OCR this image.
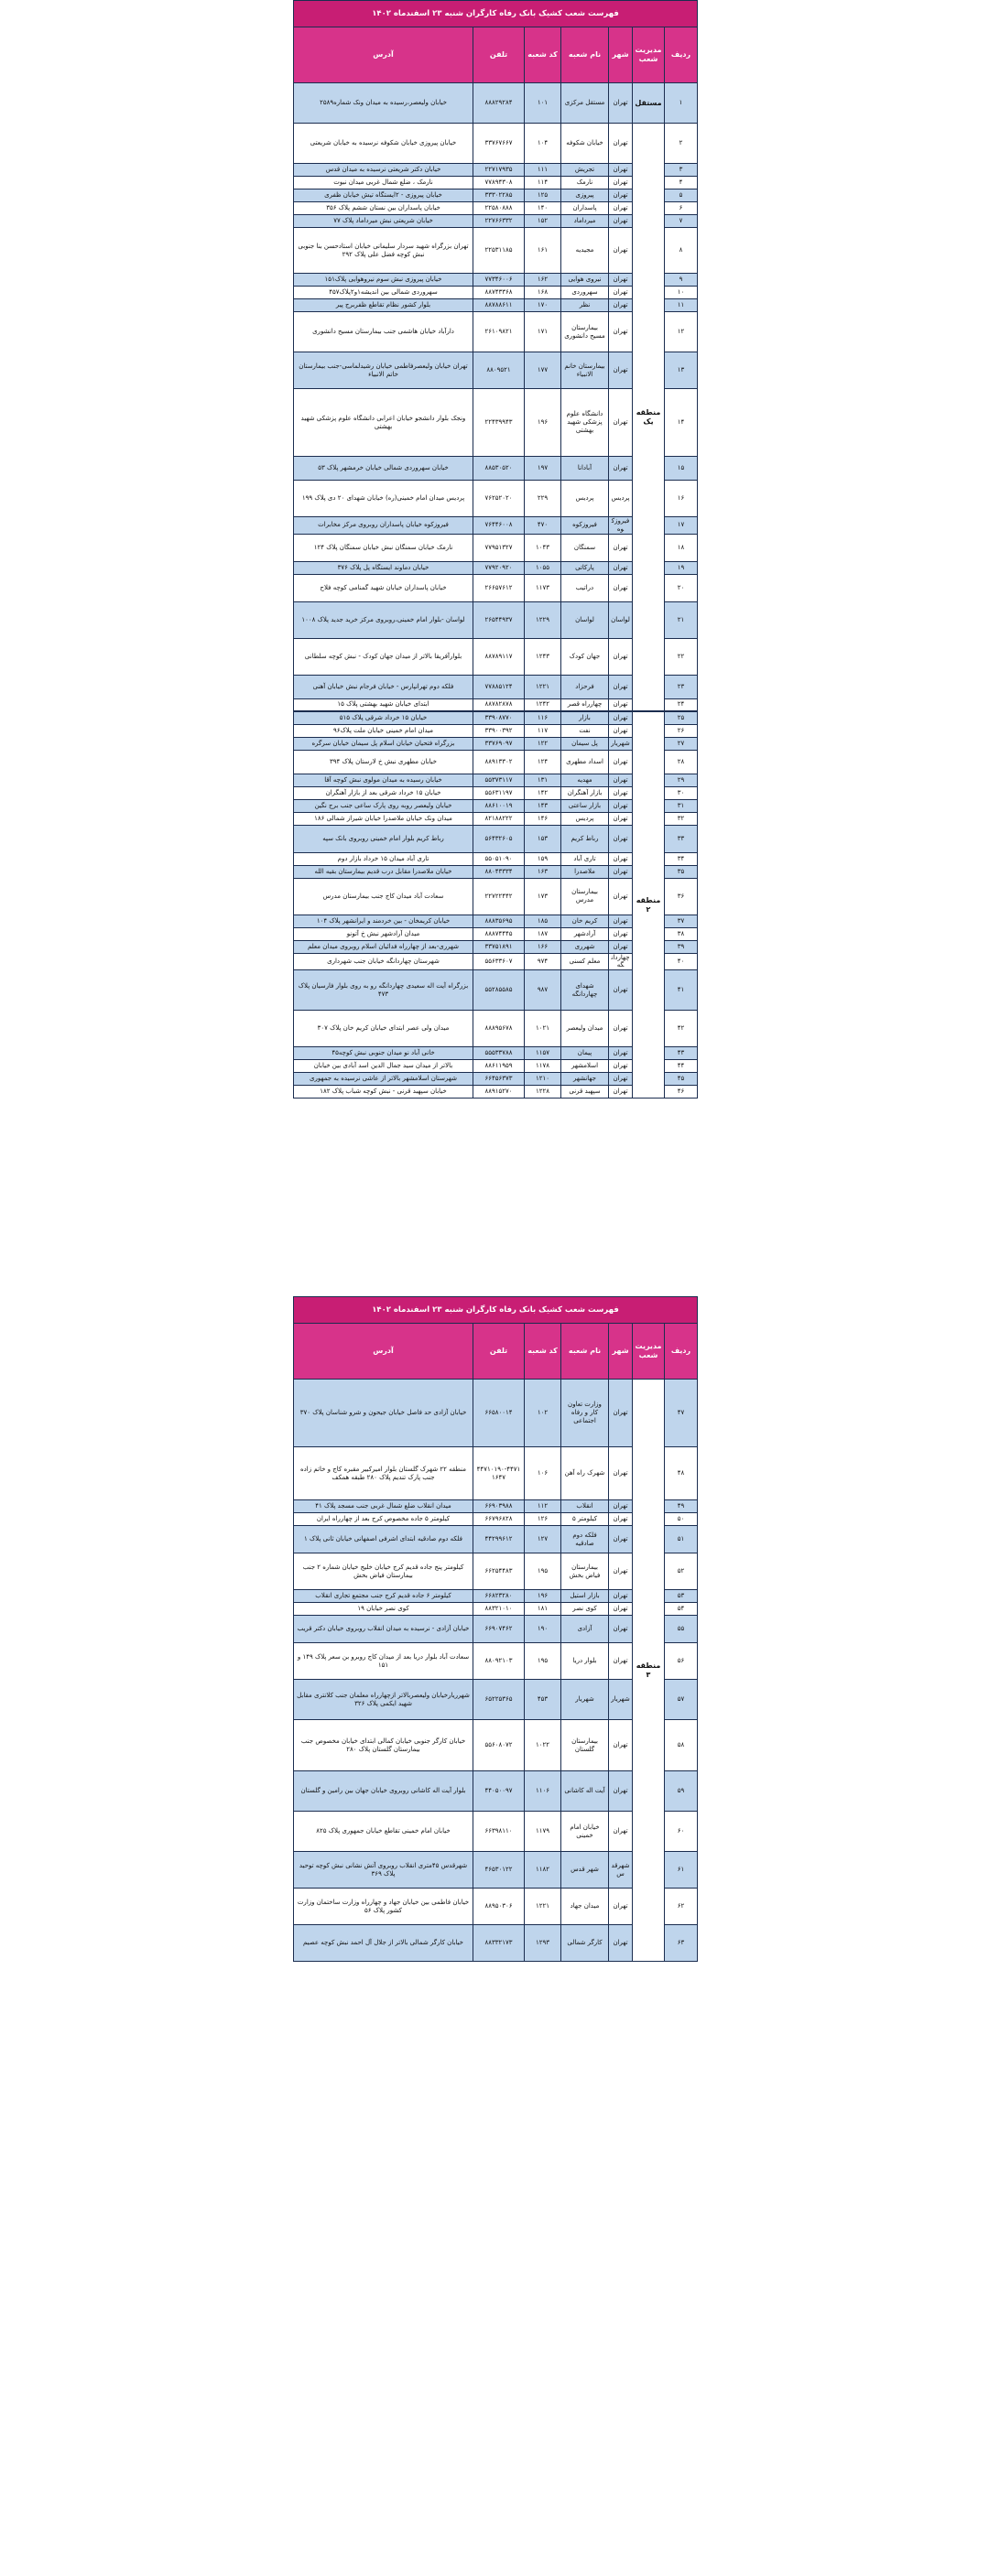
فهرست شعب کشیک بانک رفاه کارگران شنبه ۲۳ اسفندماه ۱۴۰۲						
ردیف	مدیریت شعب	شهر	نام شعبه	کد شعبه	تلفن	آدرس
۱	مستقل	تهران	مستقل مرکزی	۱۰۱	۸۸۸۲۹۲۸۴	خیابان ولیعصر،رسیده به میدان ونک شماره۲۵۸۹
۲	منطقه یک	تهران	خیابان شکوفه	۱۰۴	۳۳۷۶۷۶۶۷	خیابان پیروزی خیابان شکوفه نرسیده به خیابان شریعتی
۳		تهران	تجریش	۱۱۱	۲۲۷۱۷۹۳۵	خیابان دکتر شریعتی نرسیده به میدان قدس
۴		تهران	نارمک	۱۱۴	۷۷۸۹۴۳۰۸	نارمک ، ضلع شمال غربی میدان نبوت
۵		تهران	پیروزی	۱۲۵	۳۳۳۰۲۲۸۵	خیابان پیروزی - ۲ایستگاه تیش خیابان ظفری
۶		تهران	پاسداران	۱۴۰	۲۲۵۸۰۸۸۸	خیابان پاسداران بین نستان ششم پلاک ۳۵۶
۷		تهران	میرداماد	۱۵۲	۲۲۷۶۶۳۳۲	خیابان شریعتی نبش میرداماد پلاک ۷۷
۸		تهران	مجیدیه	۱۶۱	۲۲۵۳۱۱۸۵	تهران بزرگراه شهید سردار سلیمانی خیابان استادحسن بنا جنوبی نبش کوچه فضل علی پلاک ۲۹۲
۹		تهران	نیروی هوایی	۱۶۲	۷۷۳۴۶۰۰۶	خیابان پیروزی نبش سوم نیروهوایی پلاک۱۵۱
۱۰		تهران	سهروردی	۱۶۸	۸۸۷۴۳۳۶۸	سهروردی شمالی بین اندیشه۱و۲پلاک۴۵۷
۱۱		تهران	نظر	۱۷۰	۸۸۷۸۸۶۱۱	بلوار کشور نظام تقاطع ظفربرج پیر
۱۲		تهران	بیمارستان مسیح دانشوری	۱۷۱	۲۶۱۰۹۸۲۱	دارآباد خیابان هاشمی جنب بیمارستان مسیح دانشوری
۱۳		تهران	بیمارستان خانم الانبیاء	۱۷۷	۸۸۰۹۵۲۱	تهران خیابان ولیعصرفاطمی خیابان رشیدلماسی-جنب بیمارستان خاتم الانبیاء
۱۴		تهران	دانشگاه علوم پزشکی شهید بهشتی	۱۹۶	۲۲۴۳۹۹۴۳	ونجک بلوار دانشجو خیابان اعرابی دانشگاه علوم پزشکی شهید بهشتی
۱۵		تهران	آبادانا	۱۹۷	۸۸۵۳۰۵۲۰	خیابان سهروردی شمالی خیابان خرمشهر پلاک ۵۳
۱۶		پرديس	پرديس	۲۲۹	۷۶۲۵۲۰۲۰	پردیس میدان امام خمینی(ره) خیابان شهدای ۲۰ دی پلاک ۱۹۹
۱۷		فیروزکوه	فیروزکوه	۴۷۰	۷۶۴۴۶۰۰۸	فیروزکوه خیابان پاسداران روبروی مرکز مخابرات
۱۸		تهران	سمنگان	۱۰۴۳	۷۷۹۵۱۳۲۷	نارمک خیابان سمنگان نبش خیابان سمنگان پلاک ۱۲۴
۱۹		تهران	پارکاتی	۱۰۵۵	۷۷۹۲۰۹۲۰	خیابان دماوند ایستگاه پل پلاک ۳۷۶
۲۰		تهران	دراتیب	۱۱۷۳	۲۶۶۵۷۶۱۲	خیابان پاسداران خیابان شهید گمنامی کوچه فلاح
۲۱		لواسان	لواسان	۱۲۲۹	۲۶۵۴۴۹۳۷	لواسان -بلوار امام خمینی،روبروی مرکز خرید جدید پلاک ۱۰۰۸
۲۲		تهران	جهان کودک	۱۲۴۳	۸۸۷۸۹۱۱۷	بلوارآفریقا بالاتر از میدان جهان کودک - نبش کوچه سلطانی
۲۳		تهران	فرحزاد	۱۲۲۱	۷۷۸۸۵۱۲۴	فلکه دوم تهرانپارس - خیابان فرجام نبش خیابان آهنی
۲۴		تهران	چهارراه قصر	۱۲۴۲	۸۸۷۸۲۸۷۸	ابتدای خیابان شهید بهشتی پلاک ۱۵
۲۵	منطقه ۲	تهران	بازار	۱۱۶	۳۳۹۰۸۷۷۰	خیابان ۱۵ خرداد شرقی پلاک ۵۱۵
۲۶		تهران	نفت	۱۱۷	۳۳۹۰۰۳۹۲	میدان امام خمینی خیابان ملت پلاک۹۶
۲۷		شهریار	پل سیمان	۱۲۲	۳۳۷۶۹۰۹۷	بزرگراه فتحیان خیابان اسلام پل سیمان خیابان سرگره
۲۸		تهران	اسداد مطهری	۱۲۴	۸۸۹۱۳۳۰۲	خیابان مطهری نبش خ لارستان پلاک ۳۹۴
۲۹		تهران	مهدیه	۱۳۱	۵۵۳۷۳۱۱۷	خیابان رسیده به میدان مولوی نبش کوچه آقا
۳۰		تهران	بازار آهنگران	۱۴۲	۵۵۶۳۱۱۹۷	خیابان ۱۵ خرداد شرقی بعد از بازار آهنگران
۳۱		تهران	بازار ساعتی	۱۴۳	۸۸۶۱۰۰۱۹	خیابان ولیعصر روبه روی پارک ساعی جنب برج نگین
۳۲		تهران	پردیس	۱۴۶	۸۲۱۸۸۲۲۲	میدان ونک خیابان ملاصدرا خیابان شیراز شمالی ۱۸۶
۳۳		تهران	رباط کریم	۱۵۳	۵۶۴۳۲۶۰۵	رباط کریم بلوار امام خمینی روبروی بانک سپه
۳۴		تهران	تاری آباد	۱۵۹	۵۵۰۵۱۰۹۰	تاری آباد میدان ۱۵ خرداد بازار دوم
۳۵		تهران	ملاصدرا	۱۶۳	۸۸۰۴۳۳۳۴	خیابان ملاصدرا مقابل درب قدیم بیمارستان بقیه الله
۳۶		تهران	بیمارستان مدرس	۱۷۳	۲۲۷۲۲۴۴۲	سعادت آباد میدان کاج جنب بیمارستان مدرس
۳۷		تهران	کریم خان	۱۸۵	۸۸۸۳۵۶۹۵	خیابان کریمخان - بین خردمند و ایرانشهر پلاک ۱۰۴
۳۸		تهران	آرادشهر	۱۸۷	۸۸۸۷۴۴۴۵	میدان آرادشهر نبش خ آتونو
۳۹		تهران	شهرری	۱۶۶	۳۳۷۵۱۸۹۱	شهرری-بعد از چهارراه فدائیان اسلام روبروی میدان معلم
۴۰		چهاردانگه	معلم کسنی	۹۷۴	۵۵۶۳۳۶۰۷	شهرستان چهاردانگه خیابان جنب شهرداری
۴۱		تهران	شهدای چهاردانگه	۹۸۷	۵۵۲۸۵۵۸۵	بزرگراه آیت اله سعیدی چهاردانگه رو به روی بلوار فارسیان پلاک ۴۷۳
۴۲		تهران	میدان ولیعصر	۱۰۲۱	۸۸۸۹۵۶۷۸	میدان ولی عصر ابتدای خیابان کریم خان پلاک ۳۰۷
۴۳		تهران	پیمان	۱۱۵۷	۵۵۵۳۳۷۸۸	خانی آباد نو میدان جنوبی نبش کوچه۴۵
۴۴		تهران	اسلامشهر	۱۱۷۸	۸۸۶۱۱۹۵۹	بالاتر از میدان سید جمال الدین اسد آبادی بین خیابان
۴۵		تهران	جهانشهر	۱۲۱۰	۶۶۴۵۶۳۷۳	شهرستان اسلامشهر بالاتر از عاشی نرسیده به جمهوری
۴۶		تهران	سپهبد قرنی	۱۲۲۸	۸۸۹۱۵۲۷۰	خیابان سپهبد قرنی - نبش کوچه شباب پلاک ۱۸۲
فهرست شعب کشیک بانک رفاه کارگران شنبه ۲۳ اسفندماه ۱۴۰۲						
ردیف	مدیریت شعب	شهر	نام شعبه	کد شعبه	تلفن	آدرس
۴۷	منطقه ۳	تهران	وزارت تعاون کار و رفاه اجتماعی	۱۰۲	۶۶۵۸۰۰۱۴	خیابان آزادی حد فاصل خیابان جیحون و شرو شناسان پلاک ۳۷۰
۴۸		تهران	شهرک راه آهن	۱۰۶	۴۴۷۱۰۱۹۰-۴۴۷۱۱۶۴۷	منطقه ۲۲ شهرک گلستان بلوار امیرکبیر مقبره کاج و خاتم زاده جنب پارک تندیم پلاک ۲۸۰ طبقه همکف
۴۹		تهران	انقلاب	۱۱۲	۶۶۹۰۳۹۸۸	میدان انقلاب ضلع شمال غربی جنب مسجد پلاک ۴۱
۵۰		تهران	کیلومتر ۵	۱۲۶	۶۶۷۹۶۸۲۸	کیلومتر ۵ جاده مخصوص کرج بعد از چهارراه ایران
۵۱		تهران	فلکه دوم صادقیه	۱۲۷	۴۴۲۹۹۶۱۲	فلکه دوم صادقیه ابتدای اشرفی اصفهانی خیابان ثانی پلاک ۱
۵۲		تهران	بیمارستان فیاض بخش	۱۹۵	۶۶۲۵۴۴۸۳	کیلومتر پنج جاده قدیم کرج خیابان خلیج خیابان شماره ۲ جنب بیمارستان فیاض بخش
۵۳		تهران	بازار استیل	۱۹۶	۶۶۸۲۳۲۸۰	کیلومتر ۶ جاده قدیم کرج جنب مجتمع تجاری انقلاب
۵۴		تهران	کوی نصر	۱۸۱	۸۸۳۲۱۰۱۰	کوی نصر خیابان ۱۹
۵۵		تهران	آزادی	۱۹۰	۶۶۹۰۷۴۶۲	خیابان آزادی - نرسیده به میدان انقلاب روبروی خیابان دکتر قریب
۵۶		تهران	بلوار دریا	۱۹۵	۸۸۰۹۲۱۰۳	سعادت آباد بلوار دریا بعد از میدان کاج روبرو بن سعر پلاک ۱۴۹ و ۱۵۱
۵۷		شهریار	شهریار	۴۵۳	۶۵۲۲۵۳۶۵	شهرریارخیابان ولیعصربالاتر ازچهارراه معلمان جنب کلانتری مقابل شهید ایکمی پلاک ۳۲۶
۵۸		تهران	بیمارستان گلستان	۱۰۲۲	۵۵۶۰۸۰۷۲	خیابان کارگر جنوبی خیابان کمالی ابتدای خیابان مخصوص جنب بیمارستان گلستان پلاک ۲۸۰
۵۹		تهران	آیت اله کاشانی	۱۱۰۶	۴۴۰۵۰۰۹۷	بلوار آیت اله کاشانی روبروی خیابان جهان بین رامین و گلستان
۶۰		تهران	خیابان امام خمینی	۱۱۷۹	۶۶۳۹۸۱۱۰	خیابان امام خمینی تقاطع خیابان جمهوری پلاک ۸۲۵
۶۱		شهرقدس	شهر قدس	۱۱۸۲	۴۶۵۳۰۱۲۲	شهرقدس ۴۵متری انقلاب روبروی آتش نشانی نبش کوچه توحید پلاک ۳۶۹
۶۲		تهران	میدان جهاد	۱۲۲۱	۸۸۹۵۰۳۰۶	خیابان فاطمی بین خیابان جهاد و چهارراه وزارت ساختمان وزارت کشور پلاک ۵۶
۶۳		تهران	کارگر شمالی	۱۲۹۳	۸۸۳۳۲۱۷۳	خیابان کارگر شمالی بالاتر از جلال آل احمد نبش کوچه عصیم
